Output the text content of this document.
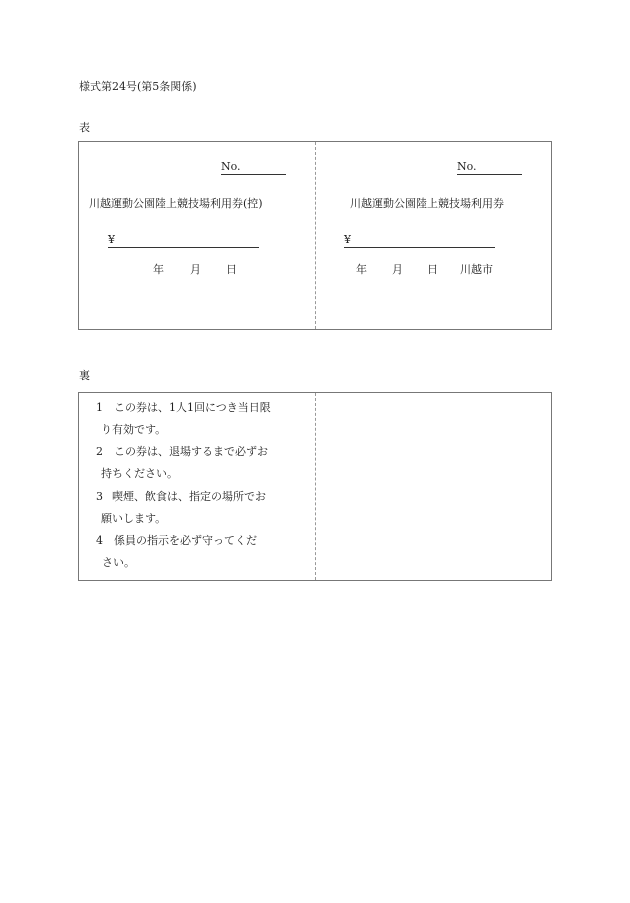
様式第24号(第5条関係)
表
No.
川越運動公園陸上競技場利用券(控)
¥
年 月 日
No.
川越運動公園陸上競技場利用券
¥
年 月 日 川越市
裏
1 この券は、1人1回につき当日限
り有効です。
2 この券は、退場するまで必ずお
持ちください。
3 喫煙、飲食は、指定の場所でお
願いします。
4 係員の指示を必ず守ってくだ
さい。
